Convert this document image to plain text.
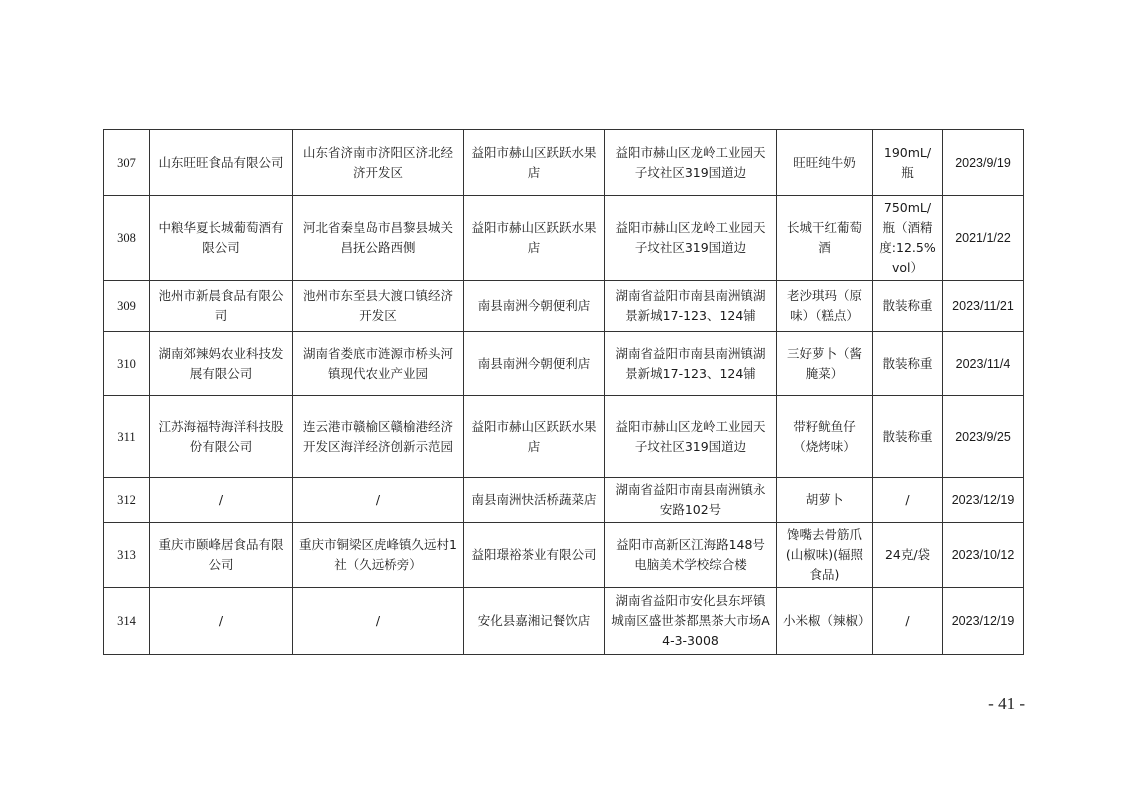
307	山东旺旺食品有限公司	山东省济南市济阳区济北经济开发区	益阳市赫山区跃跃水果店	益阳市赫山区龙岭工业园天子坟社区319国道边	旺旺纯牛奶	190mL/瓶	2023/9/19
308	中粮华夏长城葡萄酒有限公司	河北省秦皇岛市昌黎县城关昌抚公路西侧	益阳市赫山区跃跃水果店	益阳市赫山区龙岭工业园天子坟社区319国道边	长城干红葡萄酒	750mL/瓶（酒精度:12.5%vol）	2021/1/22
309	池州市新晨食品有限公司	池州市东至县大渡口镇经济开发区	南县南洲今朝便利店	湖南省益阳市南县南洲镇湖景新城17-123、124铺	老沙琪玛（原味）（糕点）	散装称重	2023/11/21
310	湖南郊辣妈农业科技发展有限公司	湖南省娄底市涟源市桥头河镇现代农业产业园	南县南洲今朝便利店	湖南省益阳市南县南洲镇湖景新城17-123、124铺	三好萝卜（酱腌菜）	散装称重	2023/11/4
311	江苏海福特海洋科技股份有限公司	连云港市赣榆区赣榆港经济开发区海洋经济创新示范园	益阳市赫山区跃跃水果店	益阳市赫山区龙岭工业园天子坟社区319国道边	带籽鱿鱼仔（烧烤味）	散装称重	2023/9/25
312	/	/	南县南洲快活桥蔬菜店	湖南省益阳市南县南洲镇永安路102号	胡萝卜	/	2023/12/19
313	重庆市颐峰居食品有限公司	重庆市铜梁区虎峰镇久远村1社（久远桥旁）	益阳璟裕茶业有限公司	益阳市高新区江海路148号电脑美术学校综合楼	馋嘴去骨筋爪(山椒味)(辐照食品)	24克/袋	2023/10/12
314	/	/	安化县嘉湘记餐饮店	湖南省益阳市安化县东坪镇城南区盛世茶都黑茶大市场A4-3-3008	小米椒（辣椒）	/	2023/12/19
- 41 -
